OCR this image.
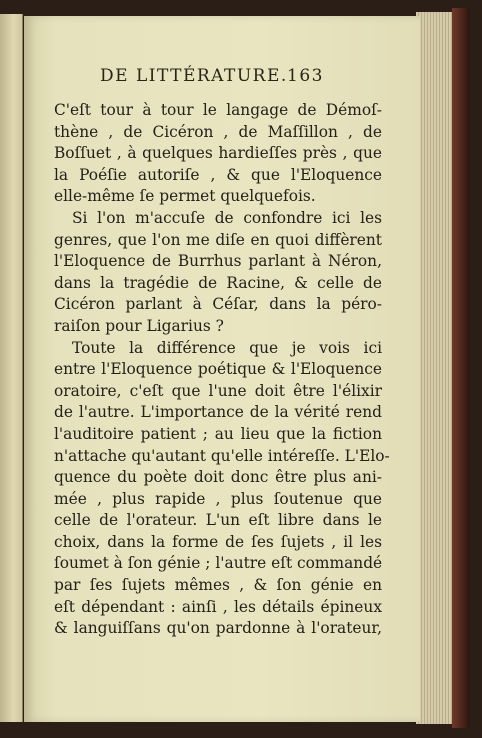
DE LITTÉRATURE. 163
C'eſt tour à tour le langage de Démoſ-
thène , de Cicéron , de Maſſillon , de
Boſſuet , à quelques hardieſſes près , que
la Poéſie autoriſe , & que l'Eloquence
elle-même ſe permet quelquefois.
Si l'on m'accuſe de confondre ici les
genres, que l'on me diſe en quoi diffèrent
l'Eloquence de Burrhus parlant à Néron,
dans la tragédie de Racine, & celle de
Cicéron parlant à Céſar, dans la péro-
raiſon pour Ligarius ?
Toute la différence que je vois ici
entre l'Eloquence poétique & l'Eloquence
oratoire, c'eſt que l'une doit être l'élixir
de l'autre. L'importance de la vérité rend
l'auditoire patient ; au lieu que la fiction
n'attache qu'autant qu'elle intéreſſe. L'Elo-
quence du poète doit donc être plus ani-
mée , plus rapide , plus ſoutenue que
celle de l'orateur. L'un eſt libre dans le
choix, dans la forme de ſes ſujets , il les
ſoumet à ſon génie ; l'autre eſt commandé
par ſes ſujets mêmes , & ſon génie en
eſt dépendant : ainſi , les détails épineux
& languiſſans qu'on pardonne à l'orateur,
